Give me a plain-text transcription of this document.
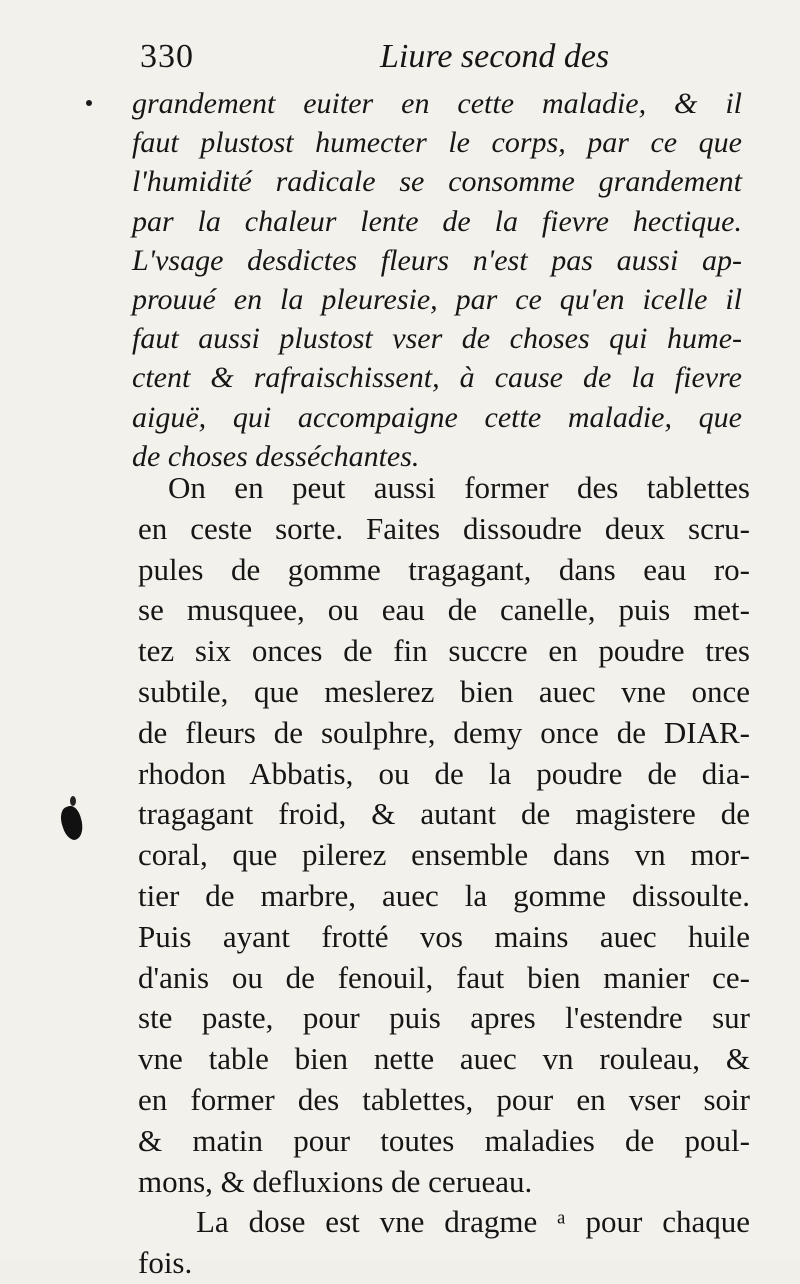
330	Liure second des
grandement euiter en cette maladie, & il
faut plustost humecter le corps, par ce que
l'humidité radicale se consomme grandement
par la chaleur lente de la fievre hectique.
L'vsage desdictes fleurs n'est pas aussi ap-
prouué en la pleuresie, par ce qu'en icelle il
faut aussi plustost vser de choses qui hume-
ctent & rafraischissent, à cause de la fievre
aiguë, qui accompaigne cette maladie, que
de choses desséchantes.
On en peut aussi former des tablettes
en ceste sorte. Faites dissoudre deux scru-
pules de gomme tragagant, dans eau ro-
se musquee, ou eau de canelle, puis met-
tez six onces de fin succre en poudre tres
subtile, que meslerez bien auec vne once
de fleurs de soulphre, demy once de DIAR-
rhodon Abbatis, ou de la poudre de dia-
tragagant froid, & autant de magistere de
coral, que pilerez ensemble dans vn mor-
tier de marbre, auec la gomme dissoulte.
Puis ayant frotté vos mains auec huile
d'anis ou de fenouil, faut bien manier ce-
ste paste, pour puis apres l'estendre sur
vne table bien nette auec vn rouleau, &
en former des tablettes, pour en vser soir
& matin pour toutes maladies de poul-
mons, & defluxions de cerueau.
La dose est vne dragme ᵃ pour chaque
fois.
